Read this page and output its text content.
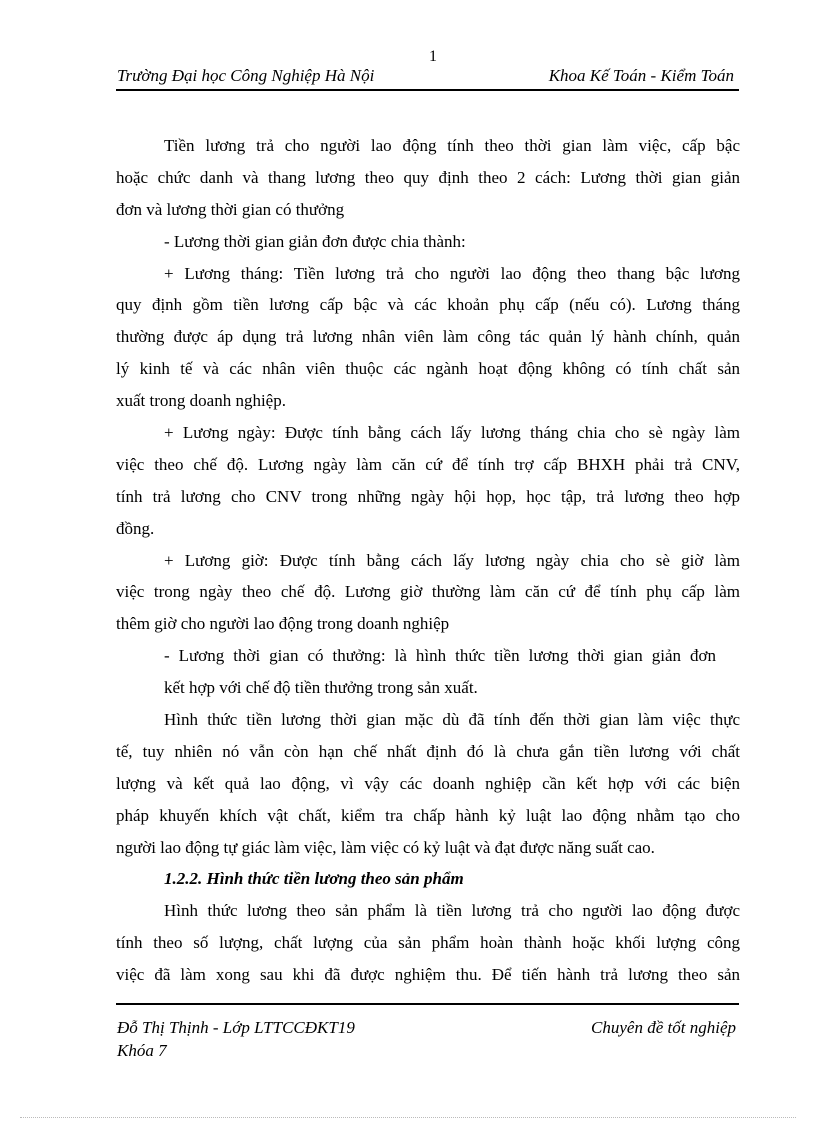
1
Trường Đại học Công Nghiệp Hà Nội	Khoa Kế Toán - Kiểm Toán
Tiền lương trả cho người lao động tính theo thời gian làm việc, cấp bậc
hoặc chức danh và thang lương theo quy định theo 2 cách: Lương thời gian giản
đơn và lương thời gian có thưởng
- Lương thời gian giản đơn được chia thành:
+ Lương tháng: Tiền lương trả cho người lao động theo thang bậc lương
quy định gồm tiền lương cấp bậc và các khoản phụ cấp (nếu có). Lương tháng
thường được áp dụng trả lương nhân viên làm công tác quản lý hành chính, quản
lý kinh tế và các nhân viên thuộc các ngành hoạt động không có tính chất sản
xuất trong doanh nghiệp.
+ Lương ngày: Được tính bằng cách lấy lương tháng chia cho sè ngày làm
việc theo chế độ. Lương ngày làm căn cứ để tính trợ cấp BHXH phải trả CNV,
tính trả lương cho CNV trong những ngày hội họp, học tập, trả lương theo hợp
đồng.
+ Lương giờ: Được tính bằng cách lấy lương ngày chia cho sè giờ làm
việc trong ngày theo chế độ. Lương giờ thường làm căn cứ để tính phụ cấp làm
thêm giờ cho người lao động trong doanh nghiệp
- Lương thời gian có thưởng: là hình thức tiền lương thời gian giản đơn
kết hợp với chế độ tiền thưởng trong sản xuất.
Hình thức tiền lương thời gian mặc dù đã tính đến thời gian làm việc thực
tế, tuy nhiên nó vẫn còn hạn chế nhất định đó là chưa gắn tiền lương với chất
lượng và kết quả lao động, vì vậy các doanh nghiệp cần kết hợp với các biện
pháp khuyến khích vật chất, kiểm tra chấp hành kỷ luật lao động nhằm tạo cho
người lao động tự giác làm việc, làm việc có kỷ luật và đạt được năng suất cao.
1.2.2. Hình thức tiền lương theo sản phẩm
Hình thức lương theo sản phẩm là tiền lương trả cho người lao động được
tính theo số lượng, chất lượng của sản phẩm hoàn thành hoặc khối lượng công
việc đã làm xong sau khi đã được nghiệm thu. Để tiến hành trả lương theo sản
Đỗ Thị Thịnh - Lớp LTTCCĐKT19	Chuyên đề tốt nghiệp
Khóa 7
